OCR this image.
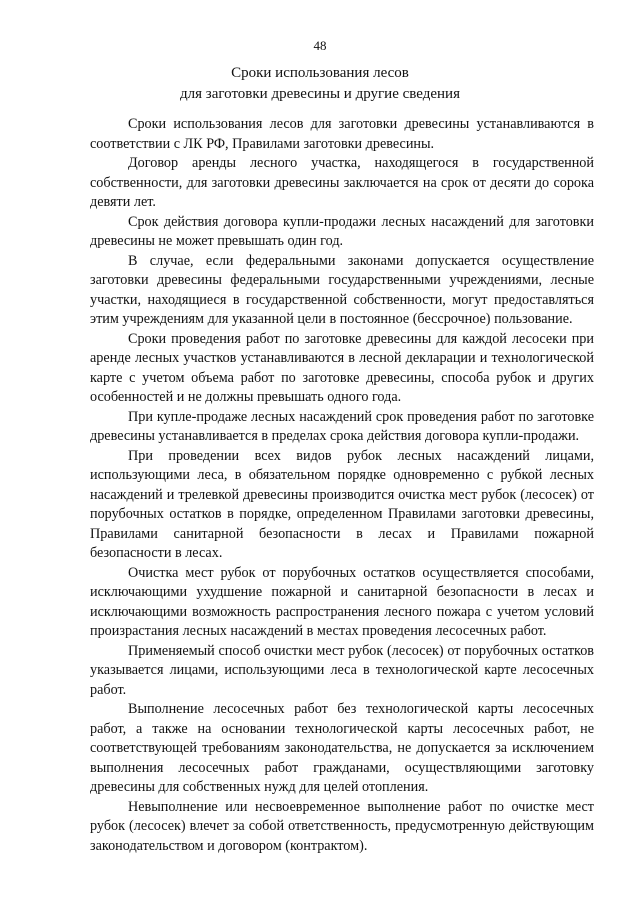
48
Сроки использования лесов
для заготовки древесины и другие сведения

Сроки использования лесов для заготовки древесины устанавливаются в соответствии с ЛК РФ, Правилами заготовки древесины.

Договор аренды лесного участка, находящегося в государственной собственности, для заготовки древесины заключается на срок от десяти до сорока девяти лет.

Срок действия договора купли-продажи лесных насаждений для заготовки древесины не может превышать один год.

В случае, если федеральными законами допускается осуществление заготовки древесины федеральными государственными учреждениями, лесные участки, находящиеся в государственной собственности, могут предоставляться этим учреждениям для указанной цели в постоянное (бессрочное) пользование.

Сроки проведения работ по заготовке древесины для каждой лесосеки при аренде лесных участков устанавливаются в лесной декларации и технологической карте с учетом объема работ по заготовке древесины, способа рубок и других особенностей и не должны превышать одного года.

При купле-продаже лесных насаждений срок проведения работ по заготовке древесины устанавливается в пределах срока действия договора купли-продажи.

При проведении всех видов рубок лесных насаждений лицами, использующими леса, в обязательном порядке одновременно с рубкой лесных насаждений и трелевкой древесины производится очистка мест рубок (лесосек) от порубочных остатков в порядке, определенном Правилами заготовки древесины, Правилами санитарной безопасности в лесах и Правилами пожарной безопасности в лесах.

Очистка мест рубок от порубочных остатков осуществляется способами, исключающими ухудшение пожарной и санитарной безопасности в лесах и исключающими возможность распространения лесного пожара с учетом условий произрастания лесных насаждений в местах проведения лесосечных работ.

Применяемый способ очистки мест рубок (лесосек) от порубочных остатков указывается лицами, использующими леса в технологической карте лесосечных работ.

Выполнение лесосечных работ без технологической карты лесосечных работ, а также на основании технологической карты лесосечных работ, не соответствующей требованиям законодательства, не допускается за исключением выполнения лесосечных работ гражданами, осуществляющими заготовку древесины для собственных нужд для целей отопления.

Невыполнение или несвоевременное выполнение работ по очистке мест рубок (лесосек) влечет за собой ответственность, предусмотренную действующим законодательством и договором (контрактом).
